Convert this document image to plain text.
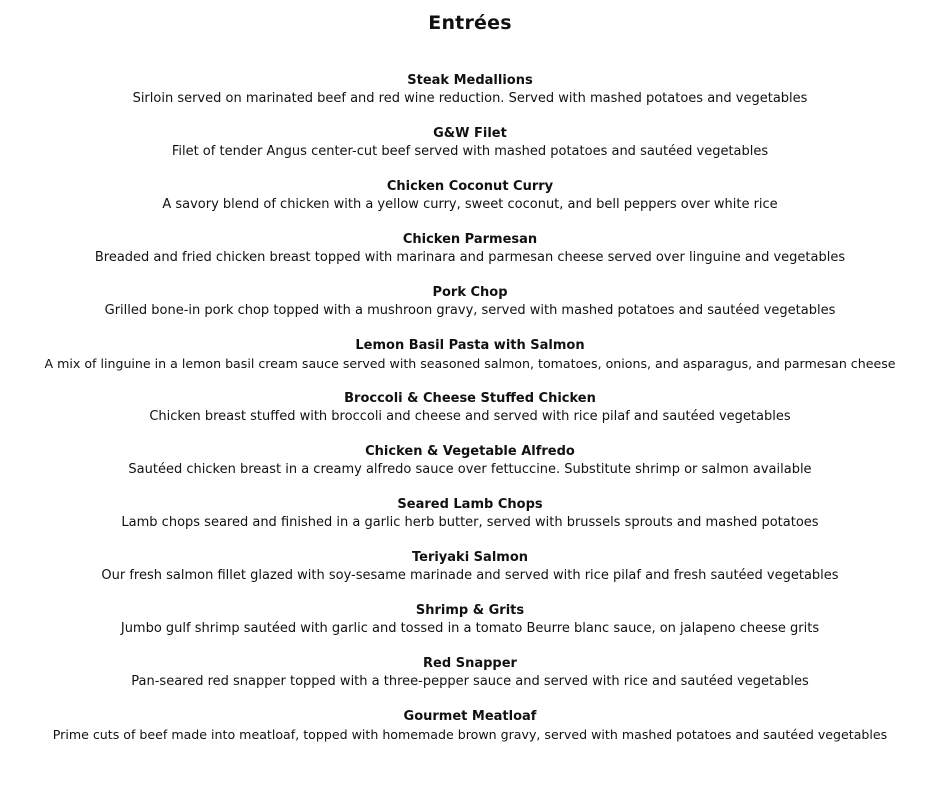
Entrées
Steak Medallions
Sirloin served on marinated beef and red wine reduction. Served with mashed potatoes and vegetables
G&W Filet
Filet of tender Angus center-cut beef served with mashed potatoes and sautéed vegetables
Chicken Coconut Curry
A savory blend of chicken with a yellow curry, sweet coconut, and bell peppers over white rice
Chicken Parmesan
Breaded and fried chicken breast topped with marinara and parmesan cheese served over linguine and vegetables
Pork Chop
Grilled bone-in pork chop topped with a mushroon gravy, served with mashed potatoes and sautéed vegetables
Lemon Basil Pasta with Salmon
A mix of linguine in a lemon basil cream sauce served with seasoned salmon, tomatoes, onions, and asparagus, and parmesan cheese
Broccoli & Cheese Stuffed Chicken
Chicken breast stuffed with broccoli and cheese and served with rice pilaf and sautéed vegetables
Chicken & Vegetable Alfredo
Sautéed chicken breast in a creamy alfredo sauce over fettuccine. Substitute shrimp or salmon available
Seared Lamb Chops
Lamb chops seared and finished in a garlic herb butter, served with brussels sprouts and mashed potatoes
Teriyaki Salmon
Our fresh salmon fillet glazed with soy-sesame marinade and served with rice pilaf and fresh sautéed vegetables
Shrimp & Grits
Jumbo gulf shrimp sautéed with garlic and tossed in a tomato Beurre blanc sauce, on jalapeno cheese grits
Red Snapper
Pan-seared red snapper topped with a three-pepper sauce and served with rice and sautéed vegetables
Gourmet Meatloaf
Prime cuts of beef made into meatloaf, topped with homemade brown gravy, served with mashed potatoes and sautéed vegetables
